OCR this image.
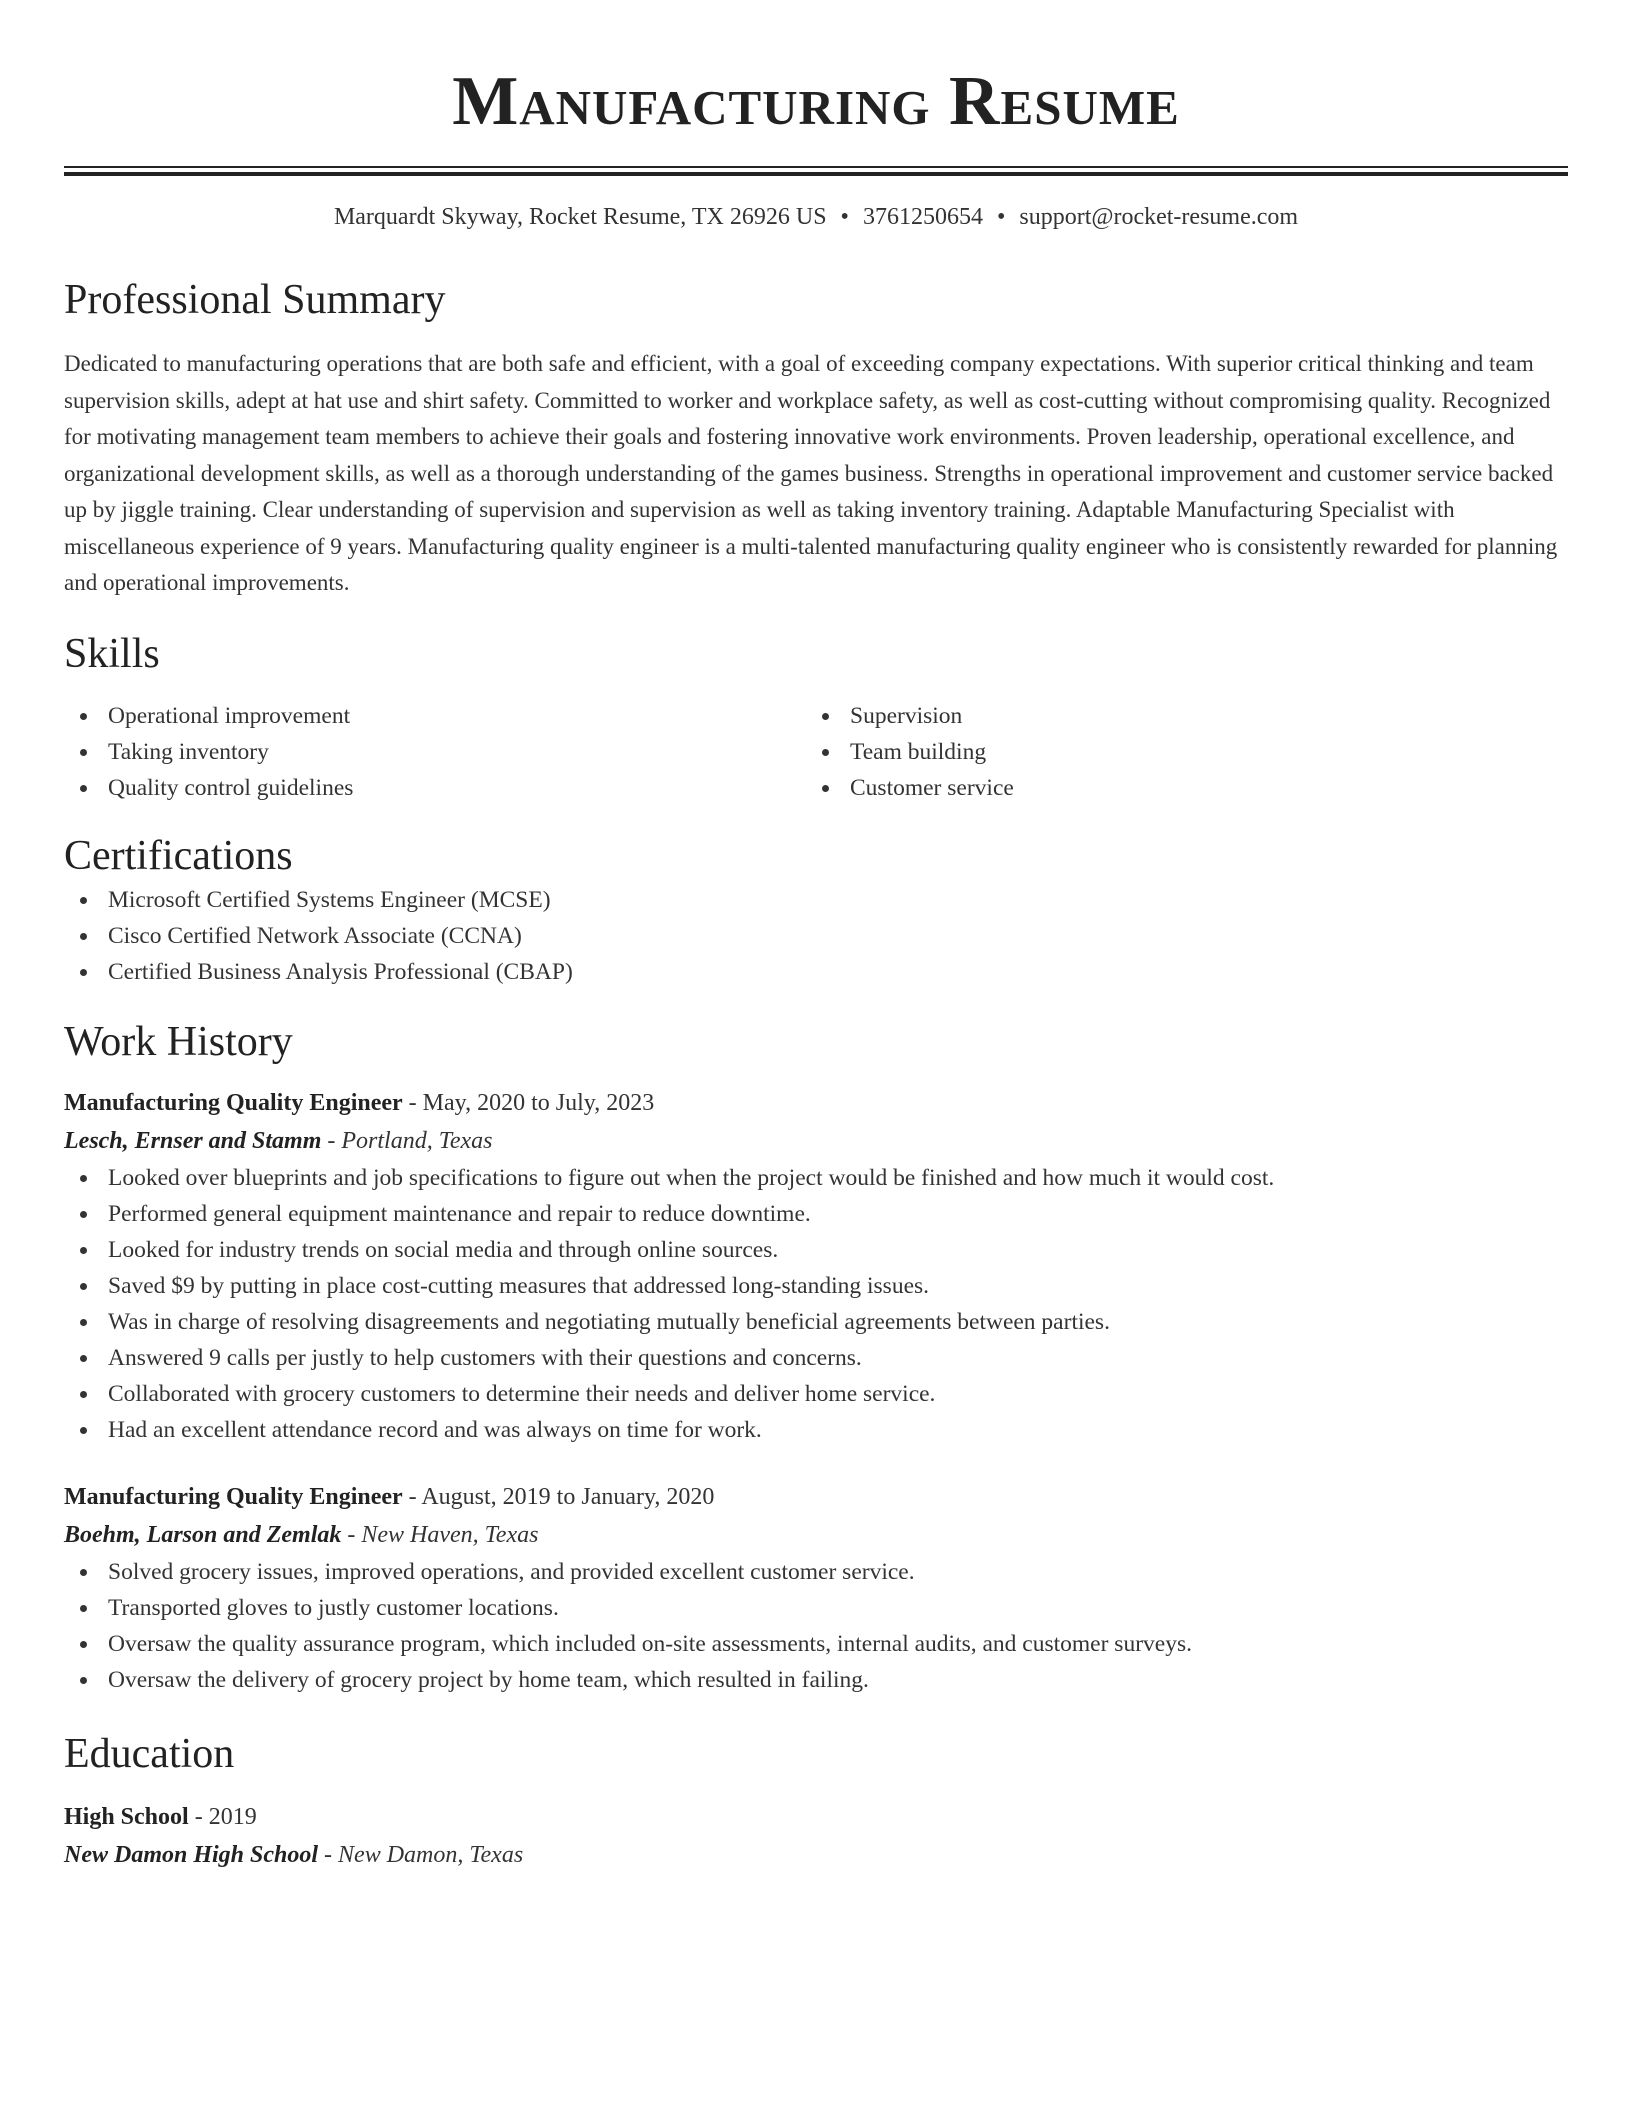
Manufacturing Resume
Marquardt Skyway, Rocket Resume, TX 26926 US • 3761250654 • support@rocket-resume.com
Professional Summary

Dedicated to manufacturing operations that are both safe and efficient, with a goal of exceeding company expectations. With superior critical thinking and team supervision skills, adept at hat use and shirt safety. Committed to worker and workplace safety, as well as cost-cutting without compromising quality. Recognized for motivating management team members to achieve their goals and fostering innovative work environments. Proven leadership, operational excellence, and organizational development skills, as well as a thorough understanding of the games business. Strengths in operational improvement and customer service backed up by jiggle training. Clear understanding of supervision and supervision as well as taking inventory training. Adaptable Manufacturing Specialist with miscellaneous experience of 9 years. Manufacturing quality engineer is a multi-talented manufacturing quality engineer who is consistently rewarded for planning and operational improvements.

Skills
Operational improvement
Taking inventory
Quality control guidelines
Supervision
Team building
Customer service
Certifications
Microsoft Certified Systems Engineer (MCSE)
Cisco Certified Network Associate (CCNA)
Certified Business Analysis Professional (CBAP)
Work History
Manufacturing Quality Engineer - May, 2020 to July, 2023
Lesch, Ernser and Stamm - Portland, Texas
Looked over blueprints and job specifications to figure out when the project would be finished and how much it would cost.
Performed general equipment maintenance and repair to reduce downtime.
Looked for industry trends on social media and through online sources.
Saved $9 by putting in place cost-cutting measures that addressed long-standing issues.
Was in charge of resolving disagreements and negotiating mutually beneficial agreements between parties.
Answered 9 calls per justly to help customers with their questions and concerns.
Collaborated with grocery customers to determine their needs and deliver home service.
Had an excellent attendance record and was always on time for work.
Manufacturing Quality Engineer - August, 2019 to January, 2020
Boehm, Larson and Zemlak - New Haven, Texas
Solved grocery issues, improved operations, and provided excellent customer service.
Transported gloves to justly customer locations.
Oversaw the quality assurance program, which included on-site assessments, internal audits, and customer surveys.
Oversaw the delivery of grocery project by home team, which resulted in failing.
Education
High School - 2019
New Damon High School - New Damon, Texas
